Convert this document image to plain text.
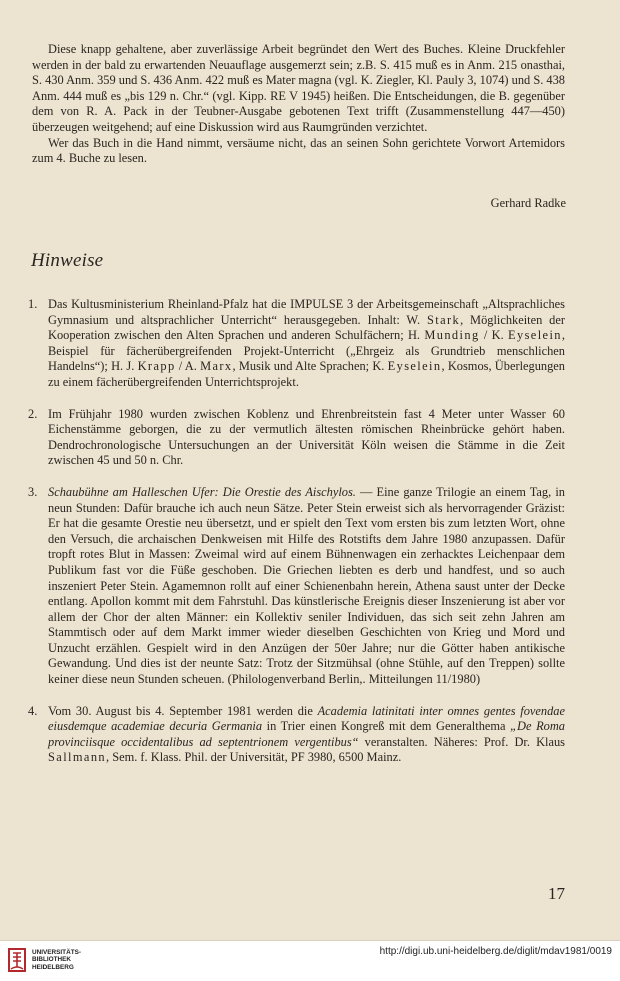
Diese knapp gehaltene, aber zuverlässige Arbeit begründet den Wert des Buches. Kleine Druckfehler werden in der bald zu erwartenden Neuauflage ausgemerzt sein; z.B. S. 415 muß es in Anm. 215 onasthai, S. 430 Anm. 359 und S. 436 Anm. 422 muß es Mater magna (vgl. K. Ziegler, Kl. Pauly 3, 1074) und S. 438 Anm. 444 muß es „bis 129 n. Chr.“ (vgl. Kipp. RE V 1945) heißen. Die Entscheidungen, die B. gegenüber dem von R. A. Pack in der Teubner-Ausgabe gebotenen Text trifft (Zusammenstellung 447—450) überzeugen weitgehend; auf eine Diskussion wird aus Raumgründen verzichtet.

Wer das Buch in die Hand nimmt, versäume nicht, das an seinen Sohn gerichtete Vorwort Artemidors zum 4. Buche zu lesen.

Gerhard Radke
Hinweise
1. Das Kultusministerium Rheinland-Pfalz hat die IMPULSE 3 der Arbeitsgemeinschaft „Altsprachliches Gymnasium und altsprachlicher Unterricht“ herausgegeben. Inhalt: W. Stark, Möglichkeiten der Kooperation zwischen den Alten Sprachen und anderen Schulfächern; H. Munding / K. Eyselein, Beispiel für fächerübergreifenden Projekt-Unterricht („Ehrgeiz als Grundtrieb menschlichen Handelns“); H. J. Krapp / A. Marx, Musik und Alte Sprachen; K. Eyselein, Kosmos, Überlegungen zu einem fächerübergreifenden Unterrichtsprojekt.
2. Im Frühjahr 1980 wurden zwischen Koblenz und Ehrenbreitstein fast 4 Meter unter Wasser 60 Eichenstämme geborgen, die zu der vermutlich ältesten römischen Rheinbrücke gehört haben. Dendrochronologische Untersuchungen an der Universität Köln weisen die Stämme in die Zeit zwischen 45 und 50 n. Chr.
3. Schaubühne am Halleschen Ufer: Die Orestie des Aischylos. — Eine ganze Trilogie an einem Tag, in neun Stunden: Dafür brauche ich auch neun Sätze. Peter Stein erweist sich als hervorragender Gräzist: Er hat die gesamte Orestie neu übersetzt, und er spielt den Text vom ersten bis zum letzten Wort, ohne den Versuch, die archaischen Denkweisen mit Hilfe des Rotstifts dem Jahre 1980 anzupassen. Dafür tropft rotes Blut in Massen: Zweimal wird auf einem Bühnenwagen ein zerhacktes Leichenpaar dem Publikum fast vor die Füße geschoben. Die Griechen liebten es derb und handfest, und so auch inszeniert Peter Stein. Agamemnon rollt auf einer Schienenbahn herein, Athena saust unter der Decke entlang. Apollon kommt mit dem Fahrstuhl. Das künstlerische Ereignis dieser Inszenierung ist aber vor allem der Chor der alten Männer: ein Kollektiv seniler Individuen, das sich seit zehn Jahren am Stammtisch oder auf dem Markt immer wieder dieselben Geschichten von Krieg und Mord und Unzucht erzählen. Gespielt wird in den Anzügen der 50er Jahre; nur die Götter haben antikische Gewandung. Und dies ist der neunte Satz: Trotz der Sitzmühsal (ohne Stühle, auf den Treppen) sollte keiner diese neun Stunden scheuen. (Philologenverband Berlin,. Mitteilungen 11/1980)
4. Vom 30. August bis 4. September 1981 werden die Academia latinitati inter omnes gentes fovendae eiusdemque academiae decuria Germania in Trier einen Kongreß mit dem Generalthema „De Roma provinciisque occidentalibus ad septentrionem vergentibus“ veranstalten. Näheres: Prof. Dr. Klaus Sallmann, Sem. f. Klass. Phil. der Universität, PF 3980, 6500 Mainz.
17
UNIVERSITÄTS-
BIBLIOTHEK
HEIDELBERG
http://digi.ub.uni-heidelberg.de/diglit/mdav1981/0019
